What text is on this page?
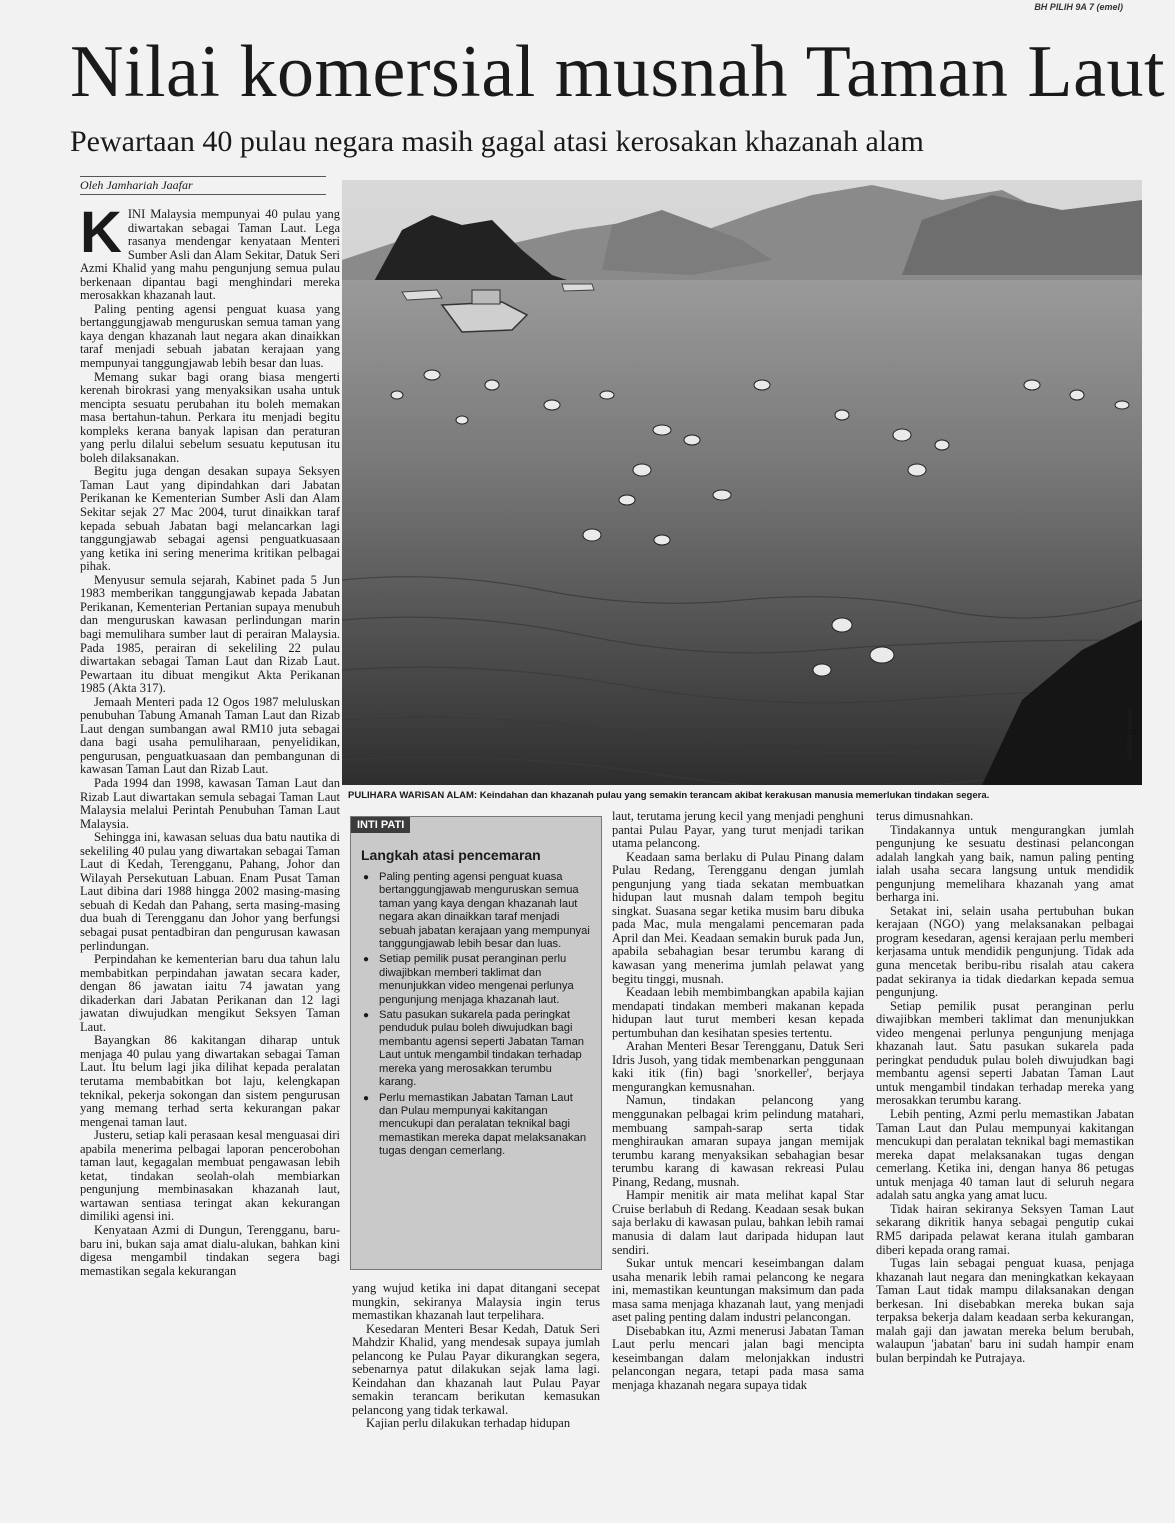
BH PILIH 9A 7 (emel)
Nilai komersial musnah Taman Laut
Pewartaan 40 pulau negara masih gagal atasi kerosakan khazanah alam
Oleh Jamhariah Jaafar

KINI Malaysia mempunyai 40 pulau yang diwartakan sebagai Taman Laut. Lega rasanya mendengar kenyataan Menteri Sumber Asli dan Alam Sekitar, Datuk Seri Azmi Khalid yang mahu pengunjung semua pulau berkenaan dipantau bagi menghindari mereka merosakkan khazanah laut.

Paling penting agensi penguat kuasa yang bertanggungjawab menguruskan semua taman yang kaya dengan khazanah laut negara akan dinaikkan taraf menjadi sebuah jabatan kerajaan yang mempunyai tanggungjawab lebih besar dan luas.

Memang sukar bagi orang biasa mengerti kerenah birokrasi yang menyaksikan usaha untuk mencipta sesuatu perubahan itu boleh memakan masa bertahun-tahun. Perkara itu menjadi begitu kompleks kerana banyak lapisan dan peraturan yang perlu dilalui sebelum sesuatu keputusan itu boleh dilaksanakan.

Begitu juga dengan desakan supaya Seksyen Taman Laut yang dipindahkan dari Jabatan Perikanan ke Kementerian Sumber Asli dan Alam Sekitar sejak 27 Mac 2004, turut dinaikkan taraf kepada sebuah Jabatan bagi melancarkan lagi tanggungjawab sebagai agensi penguatkuasaan yang ketika ini sering menerima kritikan pelbagai pihak.

Menyusur semula sejarah, Kabinet pada 5 Jun 1983 memberikan tanggungjawab kepada Jabatan Perikanan, Kementerian Pertanian supaya menubuh dan menguruskan kawasan perlindungan marin bagi memulihara sumber laut di perairan Malaysia. Pada 1985, perairan di sekeliling 22 pulau diwartakan sebagai Taman Laut dan Rizab Laut. Pewartaan itu dibuat mengikut Akta Perikanan 1985 (Akta 317).

Jemaah Menteri pada 12 Ogos 1987 meluluskan penubuhan Tabung Amanah Taman Laut dan Rizab Laut dengan sumbangan awal RM10 juta sebagai dana bagi usaha pemuliharaan, penyelidikan, pengurusan, penguatkuasaan dan pembangunan di kawasan Taman Laut dan Rizab Laut.

Pada 1994 dan 1998, kawasan Taman Laut dan Rizab Laut diwartakan semula sebagai Taman Laut Malaysia melalui Perintah Penubuhan Taman Laut Malaysia.

Sehingga ini, kawasan seluas dua batu nautika di sekeliling 40 pulau yang diwartakan sebagai Taman Laut di Kedah, Terengganu, Pahang, Johor dan Wilayah Persekutuan Labuan. Enam Pusat Taman Laut dibina dari 1988 hingga 2002 masing-masing sebuah di Kedah dan Pahang, serta masing-masing dua buah di Terengganu dan Johor yang berfungsi sebagai pusat pentadbiran dan pengurusan kawasan perlindungan.

Perpindahan ke kementerian baru dua tahun lalu membabitkan perpindahan jawatan secara kader, dengan 86 jawatan iaitu 74 jawatan yang dikaderkan dari Jabatan Perikanan dan 12 lagi jawatan diwujudkan mengikut Seksyen Taman Laut.

Bayangkan 86 kakitangan diharap untuk menjaga 40 pulau yang diwartakan sebagai Taman Laut. Itu belum lagi jika dilihat kepada peralatan terutama membabitkan bot laju, kelengkapan teknikal, pekerja sokongan dan sistem pengurusan yang memang terhad serta kekurangan pakar mengenai taman laut.

Justeru, setiap kali perasaan kesal menguasai diri apabila menerima pelbagai laporan pencerobohan taman laut, kegagalan membuat pengawasan lebih ketat, tindakan seolah-olah membiarkan pengunjung membinasakan khazanah laut, wartawan sentiasa teringat akan kekurangan dimiliki agensi ini.

Kenyataan Azmi di Dungun, Terengganu, baru-baru ini, bukan saja amat dialu-alukan, bahkan kini digesa mengambil tindakan segera bagi memastikan segala kekurangan

GAMBAR HIASAN
PULIHARA WARISAN ALAM: Keindahan dan khazanah pulau yang semakin terancam akibat kerakusan manusia memerlukan tindakan segera.
INTI PATI
Langkah atasi pencemaran
● Paling penting agensi penguat kuasa bertanggungjawab menguruskan semua taman yang kaya dengan khazanah laut negara akan dinaikkan taraf menjadi sebuah jabatan kerajaan yang mempunyai tanggungjawab lebih besar dan luas.
● Setiap pemilik pusat peranginan perlu diwajibkan memberi taklimat dan menunjukkan video mengenai perlunya pengunjung menjaga khazanah laut.
● Satu pasukan sukarela pada peringkat penduduk pulau boleh diwujudkan bagi membantu agensi seperti Jabatan Taman Laut untuk mengambil tindakan terhadap mereka yang merosakkan terumbu karang.
● Perlu memastikan Jabatan Taman Laut dan Pulau mempunyai kakitangan mencukupi dan peralatan teknikal bagi memastikan mereka dapat melaksanakan tugas dengan cemerlang.

yang wujud ketika ini dapat ditangani secepat mungkin, sekiranya Malaysia ingin terus memastikan khazanah laut terpelihara.

Kesedaran Menteri Besar Kedah, Datuk Seri Mahdzir Khalid, yang mendesak supaya jumlah pelancong ke Pulau Payar dikurangkan segera, sebenarnya patut dilakukan sejak lama lagi. Keindahan dan khazanah laut Pulau Payar semakin terancam berikutan kemasukan pelancong yang tidak terkawal.

Kajian perlu dilakukan terhadap hidupan

laut, terutama jerung kecil yang menjadi penghuni pantai Pulau Payar, yang turut menjadi tarikan utama pelancong.

Keadaan sama berlaku di Pulau Pinang dalam Pulau Redang, Terengganu dengan jumlah pengunjung yang tiada sekatan membuatkan hidupan laut musnah dalam tempoh begitu singkat. Suasana segar ketika musim baru dibuka pada Mac, mula mengalami pencemaran pada April dan Mei. Keadaan semakin buruk pada Jun, apabila sebahagian besar terumbu karang di kawasan yang menerima jumlah pelawat yang begitu tinggi, musnah.

Keadaan lebih membimbangkan apabila kajian mendapati tindakan memberi makanan kepada hidupan laut turut memberi kesan kepada pertumbuhan dan kesihatan spesies tertentu.

Arahan Menteri Besar Terengganu, Datuk Seri Idris Jusoh, yang tidak membenarkan penggunaan kaki itik (fin) bagi 'snorkeller', berjaya mengurangkan kemusnahan.

Namun, tindakan pelancong yang menggunakan pelbagai krim pelindung matahari, membuang sampah-sarap serta tidak menghiraukan amaran supaya jangan memijak terumbu karang menyaksikan sebahagian besar terumbu karang di kawasan rekreasi Pulau Pinang, Redang, musnah.

Hampir menitik air mata melihat kapal Star Cruise berlabuh di Redang. Keadaan sesak bukan saja berlaku di kawasan pulau, bahkan lebih ramai manusia di dalam laut daripada hidupan laut sendiri.

Sukar untuk mencari keseimbangan dalam usaha menarik lebih ramai pelancong ke negara ini, memastikan keuntungan maksimum dan pada masa sama menjaga khazanah laut, yang menjadi aset paling penting dalam industri pelancongan.

Disebabkan itu, Azmi menerusi Jabatan Taman Laut perlu mencari jalan bagi mencipta keseimbangan dalam melonjakkan industri pelancongan negara, tetapi pada masa sama menjaga khazanah negara supaya tidak

terus dimusnahkan.

Tindakannya untuk mengurangkan jumlah pengunjung ke sesuatu destinasi pelancongan adalah langkah yang baik, namun paling penting ialah usaha secara langsung untuk mendidik pengunjung memelihara khazanah yang amat berharga ini.

Setakat ini, selain usaha pertubuhan bukan kerajaan (NGO) yang melaksanakan pelbagai program kesedaran, agensi kerajaan perlu memberi kerjasama untuk mendidik pengunjung. Tidak ada guna mencetak beribu-ribu risalah atau cakera padat sekiranya ia tidak diedarkan kepada semua pengunjung.

Setiap pemilik pusat peranginan perlu diwajibkan memberi taklimat dan menunjukkan video mengenai perlunya pengunjung menjaga khazanah laut. Satu pasukan sukarela pada peringkat penduduk pulau boleh diwujudkan bagi membantu agensi seperti Jabatan Taman Laut untuk mengambil tindakan terhadap mereka yang merosakkan terumbu karang.

Lebih penting, Azmi perlu memastikan Jabatan Taman Laut dan Pulau mempunyai kakitangan mencukupi dan peralatan teknikal bagi memastikan mereka dapat melaksanakan tugas dengan cemerlang. Ketika ini, dengan hanya 86 petugas untuk menjaga 40 taman laut di seluruh negara adalah satu angka yang amat lucu.

Tidak hairan sekiranya Seksyen Taman Laut sekarang dikritik hanya sebagai pengutip cukai RM5 daripada pelawat kerana itulah gambaran diberi kepada orang ramai.

Tugas lain sebagai penguat kuasa, penjaga khazanah laut negara dan meningkatkan kekayaan Taman Laut tidak mampu dilaksanakan dengan berkesan. Ini disebabkan mereka bukan saja terpaksa bekerja dalam keadaan serba kekurangan, malah gaji dan jawatan mereka belum berubah, walaupun 'jabatan' baru ini sudah hampir enam bulan berpindah ke Putrajaya.
